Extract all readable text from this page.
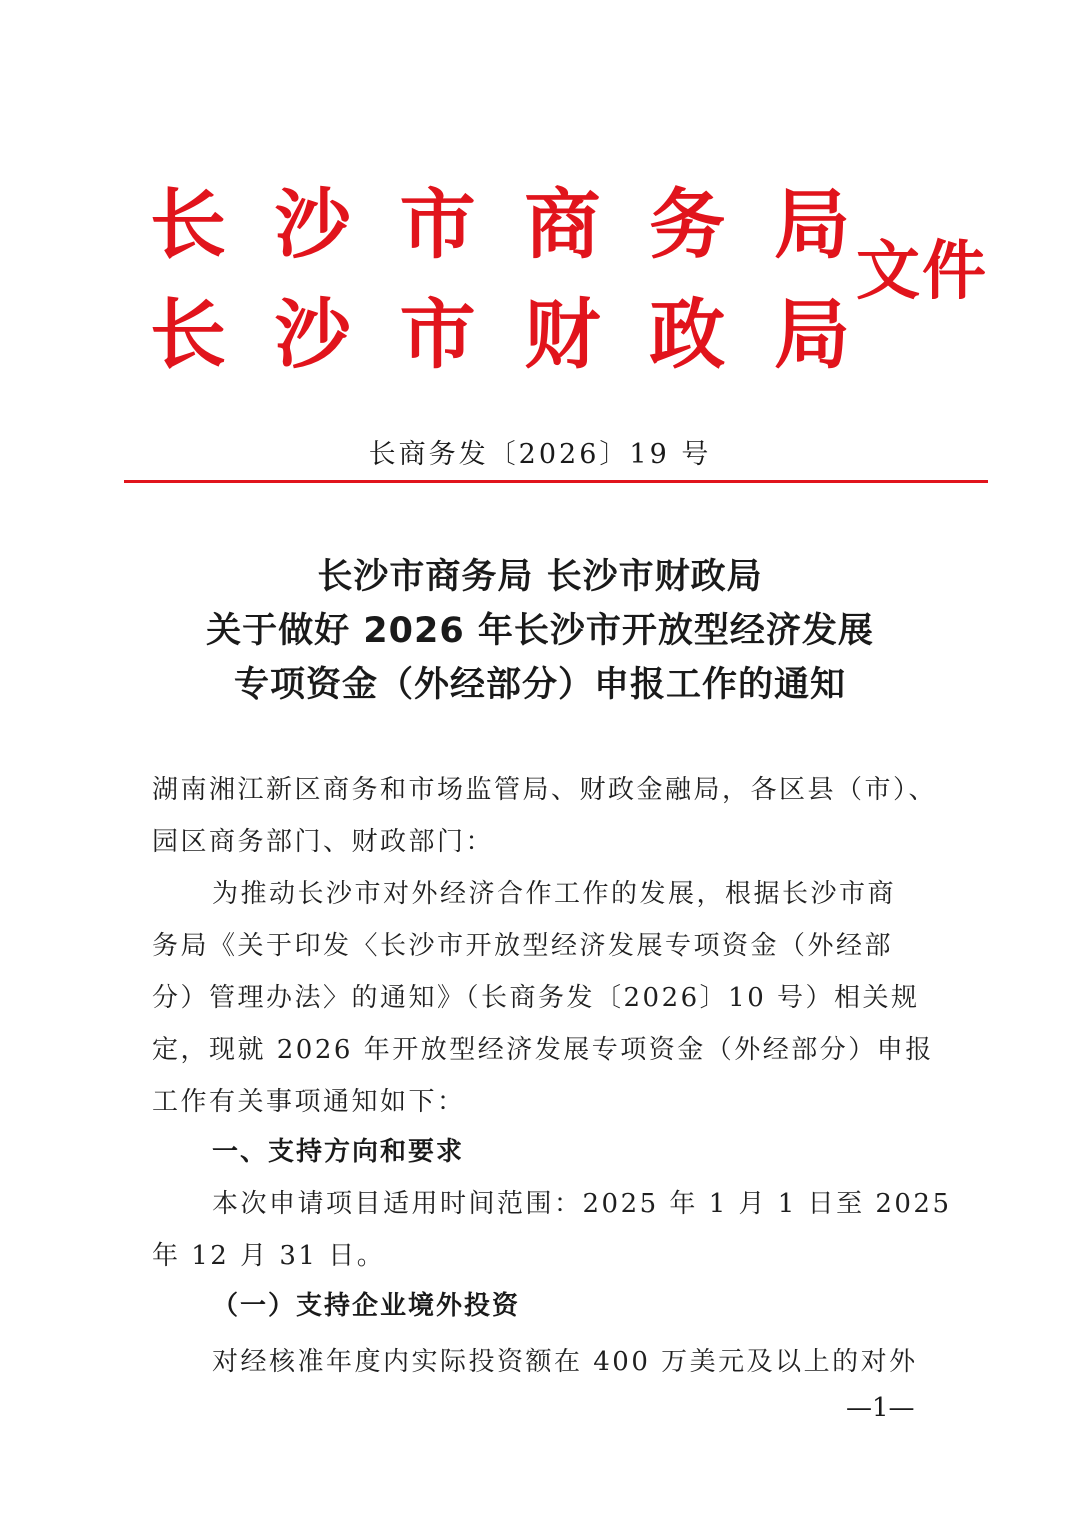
长 沙 市 商 务 局
长 沙 市 财 政 局
文件
长商务发〔2026〕19 号
长沙市商务局 长沙市财政局
关于做好 2026 年长沙市开放型经济发展
专项资金（外经部分）申报工作的通知
湖南湘江新区商务和市场监管局、财政金融局，各区县（市）、
园区商务部门、财政部门：
为推动长沙市对外经济合作工作的发展，根据长沙市商
务局《关于印发〈长沙市开放型经济发展专项资金（外经部
分）管理办法〉的通知》（长商务发〔2026〕10 号）相关规
定，现就 2026 年开放型经济发展专项资金（外经部分）申报
工作有关事项通知如下：
一、支持方向和要求
本次申请项目适用时间范围：2025 年 1 月 1 日至 2025
年 12 月 31 日。
（一）支持企业境外投资
对经核准年度内实际投资额在 400 万美元及以上的对外
—1—
